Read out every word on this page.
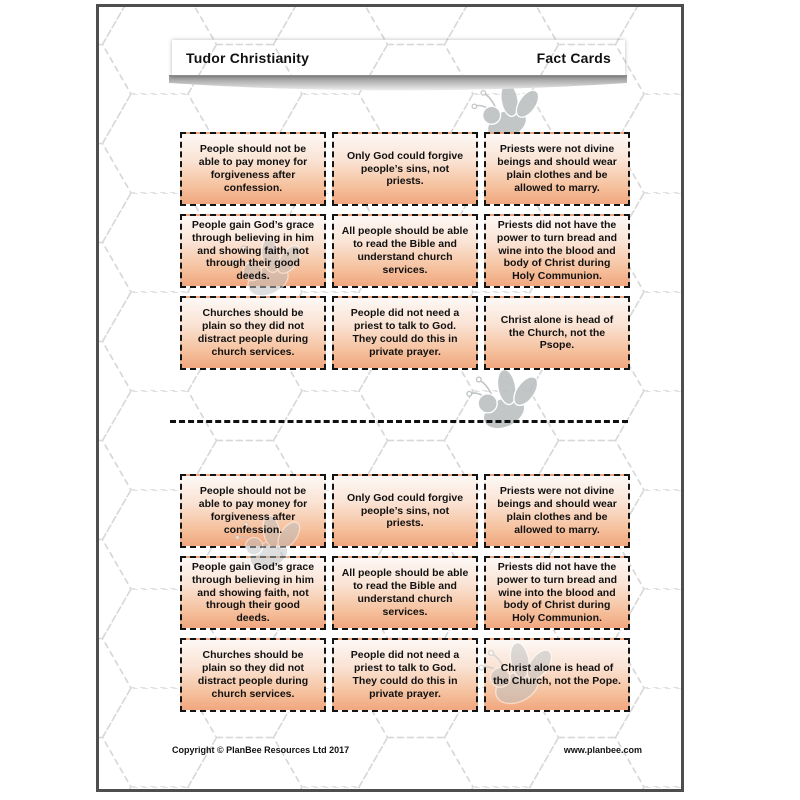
Tudor Christianity	Fact Cards
People should not be able to pay money for forgiveness after confession.
Only God could forgive people’s sins, not priests.
Priests were not divine beings and should wear plain clothes and be allowed to marry.
People gain God’s grace through believing in him and showing faith, not through their good deeds.
All people should be able to read the Bible and understand church services.
Priests did not have the power to turn bread and wine into the blood and body of Christ during Holy Communion.
Churches should be plain so they did not distract people during church services.
People did not need a priest to talk to God. They could do this in private prayer.
Christ alone is head of the Church, not the Psope.
People should not be able to pay money for forgiveness after confession.
Only God could forgive people’s sins, not priests.
Priests were not divine beings and should wear plain clothes and be allowed to marry.
People gain God’s grace through believing in him and showing faith, not through their good deeds.
All people should be able to read the Bible and understand church services.
Priests did not have the power to turn bread and wine into the blood and body of Christ during Holy Communion.
Churches should be plain so they did not distract people during church services.
People did not need a priest to talk to God. They could do this in private prayer.
Christ alone is head of the Church, not the Pope.
Copyright © PlanBee Resources Ltd 2017	www.planbee.com
